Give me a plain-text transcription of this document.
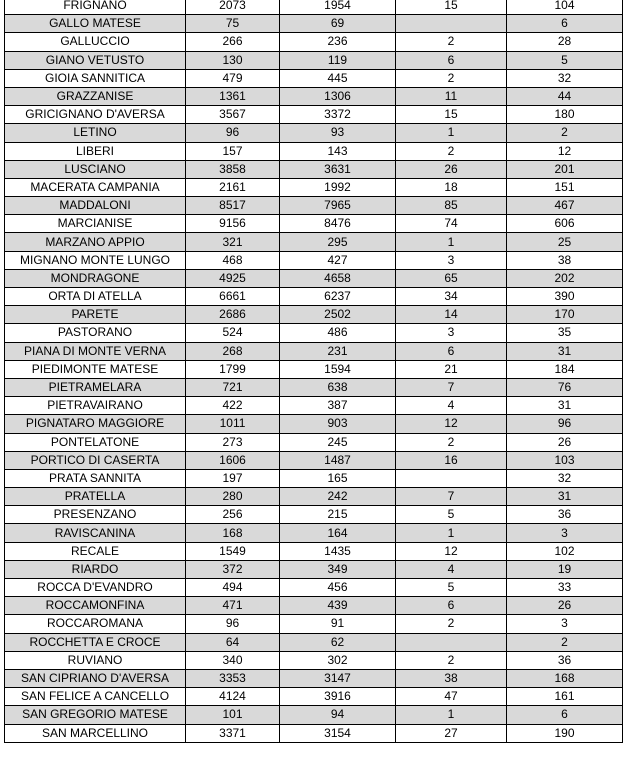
FRIGNANO	2073	1954	15	104
GALLO MATESE	75	69		6
GALLUCCIO	266	236	2	28
GIANO VETUSTO	130	119	6	5
GIOIA SANNITICA	479	445	2	32
GRAZZANISE	1361	1306	11	44
GRICIGNANO D'AVERSA	3567	3372	15	180
LETINO	96	93	1	2
LIBERI	157	143	2	12
LUSCIANO	3858	3631	26	201
MACERATA CAMPANIA	2161	1992	18	151
MADDALONI	8517	7965	85	467
MARCIANISE	9156	8476	74	606
MARZANO APPIO	321	295	1	25
MIGNANO MONTE LUNGO	468	427	3	38
MONDRAGONE	4925	4658	65	202
ORTA DI ATELLA	6661	6237	34	390
PARETE	2686	2502	14	170
PASTORANO	524	486	3	35
PIANA DI MONTE VERNA	268	231	6	31
PIEDIMONTE MATESE	1799	1594	21	184
PIETRAMELARA	721	638	7	76
PIETRAVAIRANO	422	387	4	31
PIGNATARO MAGGIORE	1011	903	12	96
PONTELATONE	273	245	2	26
PORTICO DI CASERTA	1606	1487	16	103
PRATA SANNITA	197	165		32
PRATELLA	280	242	7	31
PRESENZANO	256	215	5	36
RAVISCANINA	168	164	1	3
RECALE	1549	1435	12	102
RIARDO	372	349	4	19
ROCCA D'EVANDRO	494	456	5	33
ROCCAMONFINA	471	439	6	26
ROCCAROMANA	96	91	2	3
ROCCHETTA E CROCE	64	62		2
RUVIANO	340	302	2	36
SAN CIPRIANO D'AVERSA	3353	3147	38	168
SAN FELICE A CANCELLO	4124	3916	47	161
SAN GREGORIO MATESE	101	94	1	6
SAN MARCELLINO	3371	3154	27	190
